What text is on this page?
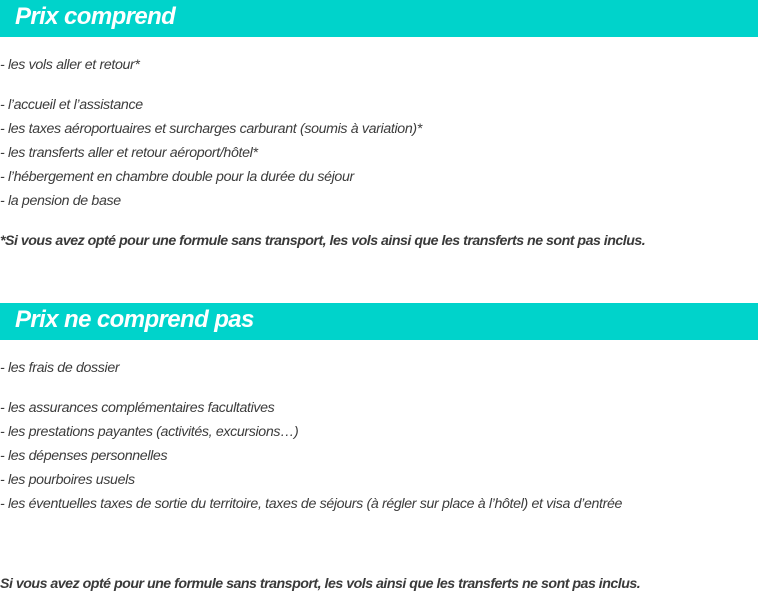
Prix comprend
- les vols aller et retour*
- l’accueil et l’assistance
- les taxes aéroportuaires et surcharges carburant (soumis à variation)*
- les transferts aller et retour aéroport/hôtel*
- l’hébergement en chambre double pour la durée du séjour
- la pension de base
*Si vous avez opté pour une formule sans transport, les vols ainsi que les transferts ne sont pas inclus.
Prix ne comprend pas
- les frais de dossier
- les assurances complémentaires facultatives
- les prestations payantes (activités, excursions…)
- les dépenses personnelles
- les pourboires usuels
- les éventuelles taxes de sortie du territoire, taxes de séjours (à régler sur place à l’hôtel) et visa d’entrée
Si vous avez opté pour une formule sans transport, les vols ainsi que les transferts ne sont pas inclus.
